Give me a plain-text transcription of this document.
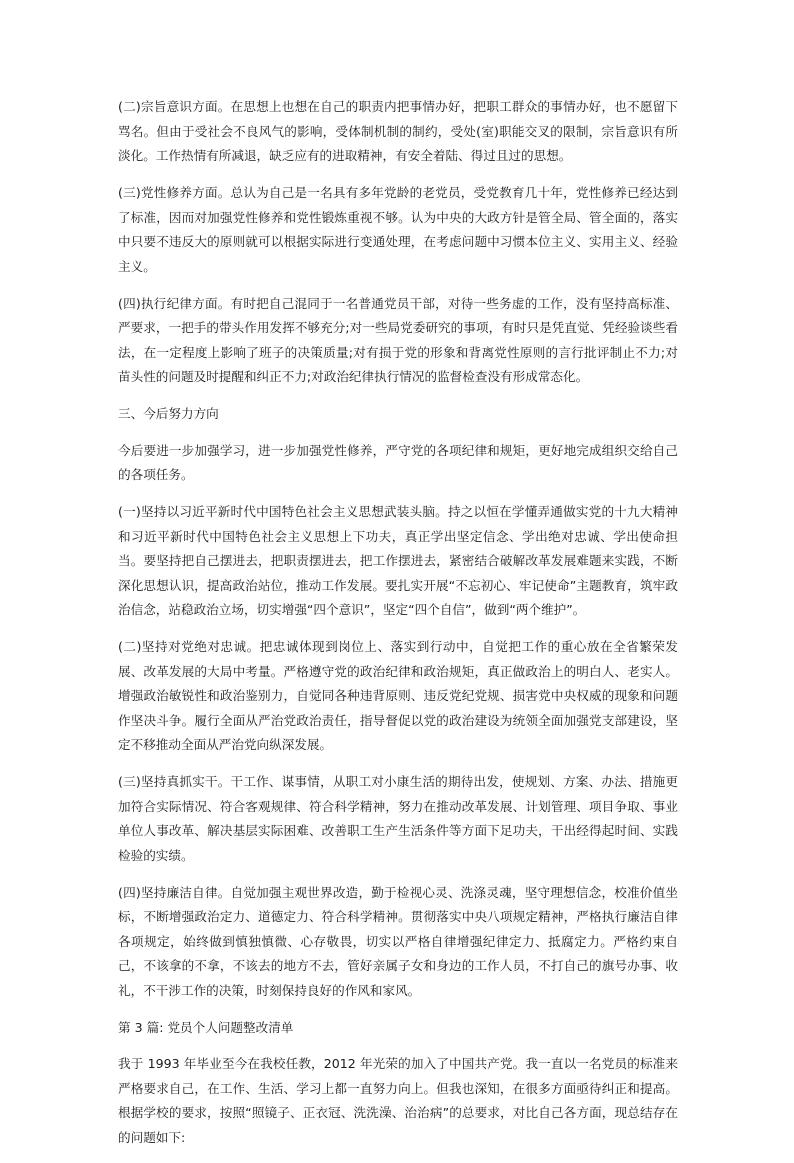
(二)宗旨意识方面。在思想上也想在自己的职责内把事情办好，把职工群众的事情办好，也不愿留下骂名。但由于受社会不良风气的影响，受体制机制的制约，受处(室)职能交叉的限制，宗旨意识有所淡化。工作热情有所减退，缺乏应有的进取精神，有安全着陆、得过且过的思想。

(三)党性修养方面。总认为自己是一名具有多年党龄的老党员，受党教育几十年，党性修养已经达到了标准，因而对加强党性修养和党性锻炼重视不够。认为中央的大政方针是管全局、管全面的，落实中只要不违反大的原则就可以根据实际进行变通处理，在考虑问题中习惯本位主义、实用主义、经验主义。

(四)执行纪律方面。有时把自己混同于一名普通党员干部，对待一些务虚的工作，没有坚持高标准、严要求，一把手的带头作用发挥不够充分;对一些局党委研究的事项，有时只是凭直觉、凭经验谈些看法，在一定程度上影响了班子的决策质量;对有损于党的形象和背离党性原则的言行批评制止不力;对苗头性的问题及时提醒和纠正不力;对政治纪律执行情况的监督检查没有形成常态化。

三、今后努力方向

今后要进一步加强学习，进一步加强党性修养，严守党的各项纪律和规矩，更好地完成组织交给自己的各项任务。

(一)坚持以习近平新时代中国特色社会主义思想武装头脑。持之以恒在学懂弄通做实党的十九大精神和习近平新时代中国特色社会主义思想上下功夫，真正学出坚定信念、学出绝对忠诚、学出使命担当。要坚持把自己摆进去，把职责摆进去，把工作摆进去，紧密结合破解改革发展难题来实践，不断深化思想认识，提高政治站位，推动工作发展。要扎实开展“不忘初心、牢记使命”主题教育，筑牢政治信念，站稳政治立场，切实增强“四个意识”，坚定“四个自信”，做到“两个维护”。

(二)坚持对党绝对忠诚。把忠诚体现到岗位上、落实到行动中，自觉把工作的重心放在全省繁荣发展、改革发展的大局中考量。严格遵守党的政治纪律和政治规矩，真正做政治上的明白人、老实人。增强政治敏锐性和政治鉴别力，自觉同各种违背原则、违反党纪党规、损害党中央权威的现象和问题作坚决斗争。履行全面从严治党政治责任，指导督促以党的政治建设为统领全面加强党支部建设，坚定不移推动全面从严治党向纵深发展。

(三)坚持真抓实干。干工作、谋事情，从职工对小康生活的期待出发，使规划、方案、办法、措施更加符合实际情况、符合客观规律、符合科学精神，努力在推动改革发展、计划管理、项目争取、事业单位人事改革、解决基层实际困难、改善职工生产生活条件等方面下足功夫，干出经得起时间、实践检验的实绩。

(四)坚持廉洁自律。自觉加强主观世界改造，勤于检视心灵、洗涤灵魂，坚守理想信念，校准价值坐标，不断增强政治定力、道德定力、符合科学精神。贯彻落实中央八项规定精神，严格执行廉洁自律各项规定，始终做到慎独慎微、心存敬畏，切实以严格自律增强纪律定力、抵腐定力。严格约束自己，不该拿的不拿，不该去的地方不去，管好亲属子女和身边的工作人员，不打自己的旗号办事、收礼，不干涉工作的决策，时刻保持良好的作风和家风。

第 3 篇: 党员个人问题整改清单

我于 1993 年毕业至今在我校任教，2012 年光荣的加入了中国共产党。我一直以一名党员的标准来严格要求自己，在工作、生活、学习上都一直努力向上。但我也深知，在很多方面亟待纠正和提高。根据学校的要求，按照“照镜子、正衣冠、洗洗澡、治治病”的总要求，对比自己各方面，现总结存在的问题如下:
